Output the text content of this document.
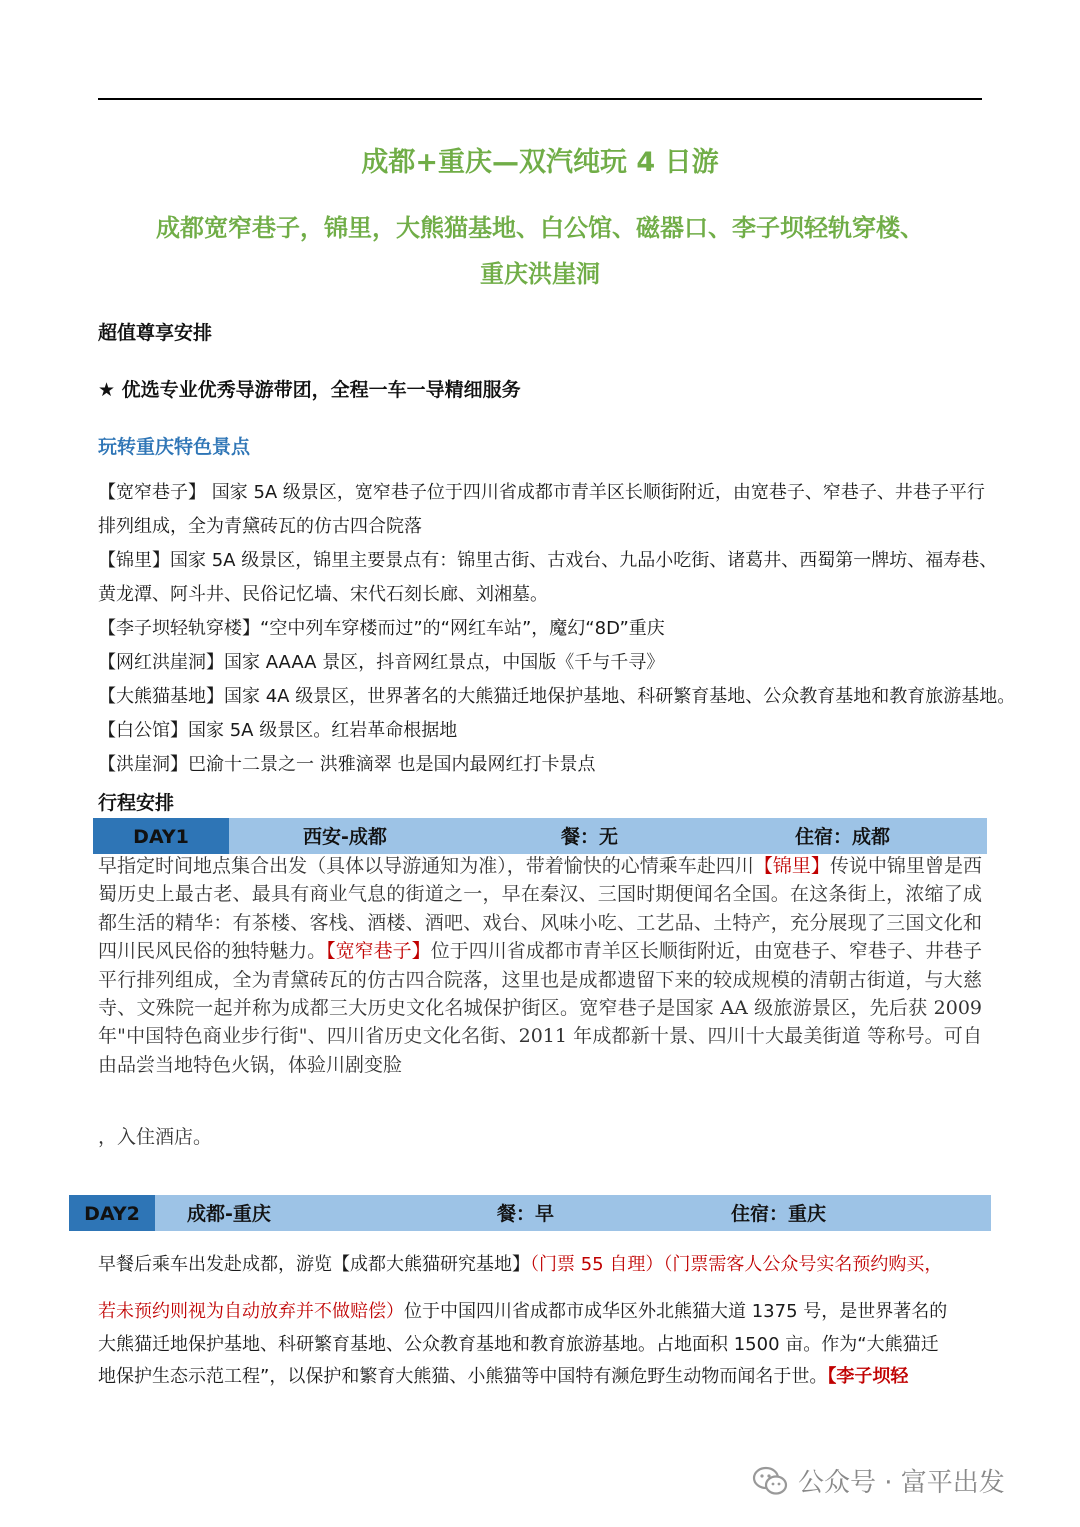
成都+重庆—双汽纯玩 4 日游
成都宽窄巷子，锦里，大熊猫基地、白公馆、磁器口、李子坝轻轨穿楼、
重庆洪崖洞
超值尊享安排
★ 优选专业优秀导游带团，全程一车一导精细服务
玩转重庆特色景点
【宽窄巷子】 国家 5A 级景区，宽窄巷子位于四川省成都市青羊区长顺街附近，由宽巷子、窄巷子、井巷子平行
排列组成，全为青黛砖瓦的仿古四合院落
【锦里】国家 5A 级景区，锦里主要景点有：锦里古街、古戏台、九品小吃街、诸葛井、西蜀第一牌坊、福寿巷、
黄龙潭、阿斗井、民俗记忆墙、宋代石刻长廊、刘湘墓。
【李子坝轻轨穿楼】“空中列车穿楼而过”的“网红车站”，魔幻“8D”重庆
【网红洪崖洞】国家 AAAA 景区，抖音网红景点，中国版《千与千寻》
【大熊猫基地】国家 4A 级景区，世界著名的大熊猫迁地保护基地、科研繁育基地、公众教育基地和教育旅游基地。
【白公馆】国家 5A 级景区。红岩革命根据地
【洪崖洞】巴渝十二景之一 洪雅滴翠 也是国内最网红打卡景点
行程安排
DAY1	西安-成都	餐：无	住宿：成都
早指定时间地点集合出发（具体以导游通知为准），带着愉快的心情乘车赴四川【锦里】传说中锦里曾是西蜀历史上最古老、最具有商业气息的街道之一，早在秦汉、三国时期便闻名全国。在这条街上，浓缩了成都生活的精华：有茶楼、客栈、酒楼、酒吧、戏台、风味小吃、工艺品、土特产，充分展现了三国文化和四川民风民俗的独特魅力。【宽窄巷子】位于四川省成都市青羊区长顺街附近，由宽巷子、窄巷子、井巷子平行排列组成，全为青黛砖瓦的仿古四合院落，这里也是成都遗留下来的较成规模的清朝古街道，与大慈寺、文殊院一起并称为成都三大历史文化名城保护街区。宽窄巷子是国家 AA 级旅游景区，先后获 2009 年"中国特色商业步行街"、四川省历史文化名街、2011 年成都新十景、四川十大最美街道 等称号。可自由品尝当地特色火锅，体验川剧变脸
，入住酒店。
DAY2	成都-重庆	餐：早	住宿：重庆
早餐后乘车出发赴成都，游览【成都大熊猫研究基地】（门票 55 自理）（门票需客人公众号实名预约购买，
若未预约则视为自动放弃并不做赔偿）位于中国四川省成都市成华区外北熊猫大道 1375 号，是世界著名的
大熊猫迁地保护基地、科研繁育基地、公众教育基地和教育旅游基地。占地面积 1500 亩。作为“大熊猫迁
地保护生态示范工程”，以保护和繁育大熊猫、小熊猫等中国特有濒危野生动物而闻名于世。【李子坝轻
公众号 · 富平出发
